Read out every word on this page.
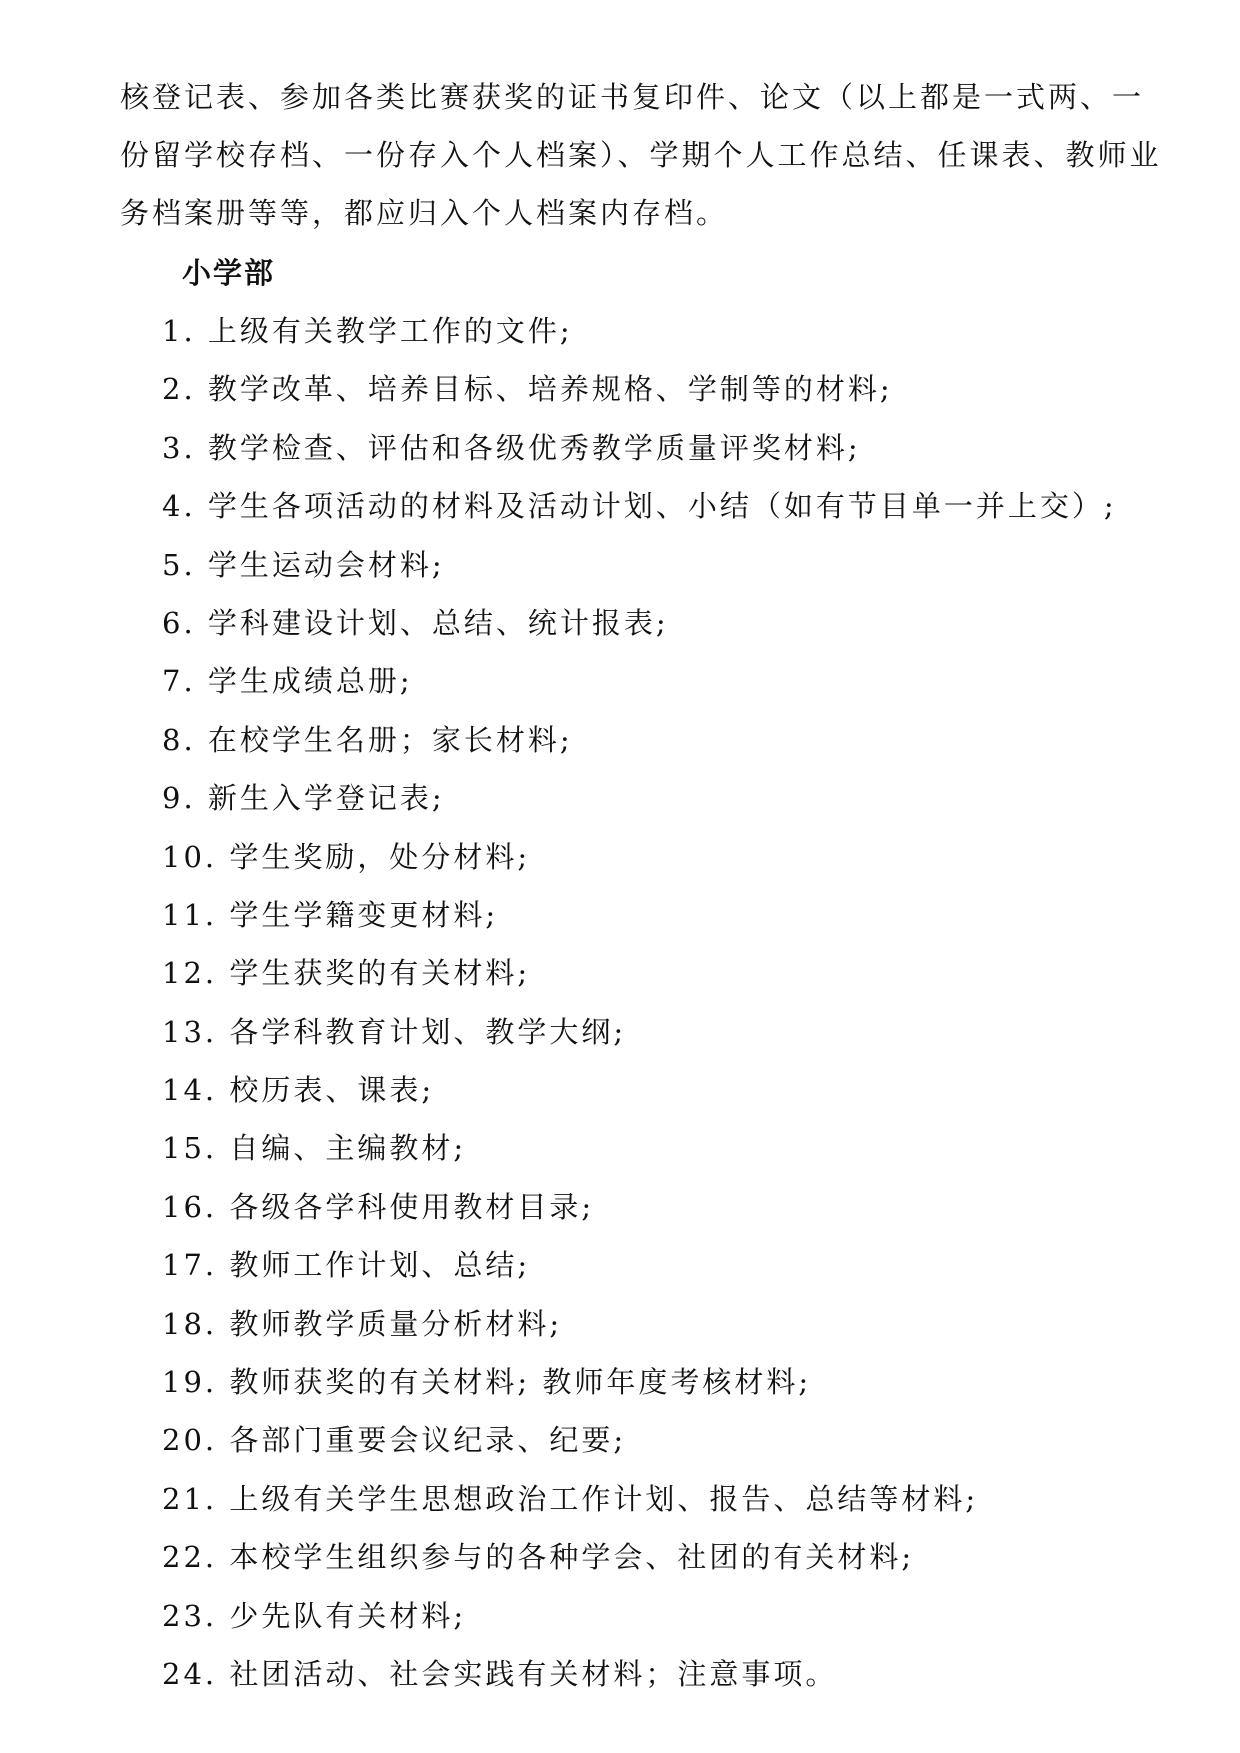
核登记表、参加各类比赛获奖的证书复印件、论文（以上都是一式两、一
份留学校存档、一份存入个人档案）、学期个人工作总结、任课表、教师业
务档案册等等，都应归入个人档案内存档。
小学部
1. 上级有关教学工作的文件;
2. 教学改革、培养目标、培养规格、学制等的材料;
3. 教学检查、评估和各级优秀教学质量评奖材料;
4. 学生各项活动的材料及活动计划、小结（如有节目单一并上交）;
5. 学生运动会材料;
6. 学科建设计划、总结、统计报表;
7. 学生成绩总册;
8. 在校学生名册；家长材料;
9. 新生入学登记表;
10. 学生奖励，处分材料;
11. 学生学籍变更材料;
12. 学生获奖的有关材料;
13. 各学科教育计划、教学大纲;
14. 校历表、课表;
15. 自编、主编教材;
16. 各级各学科使用教材目录;
17. 教师工作计划、总结;
18. 教师教学质量分析材料;
19. 教师获奖的有关材料; 教师年度考核材料;
20. 各部门重要会议纪录、纪要;
21. 上级有关学生思想政治工作计划、报告、总结等材料;
22. 本校学生组织参与的各种学会、社团的有关材料;
23. 少先队有关材料;
24. 社团活动、社会实践有关材料；注意事项。
